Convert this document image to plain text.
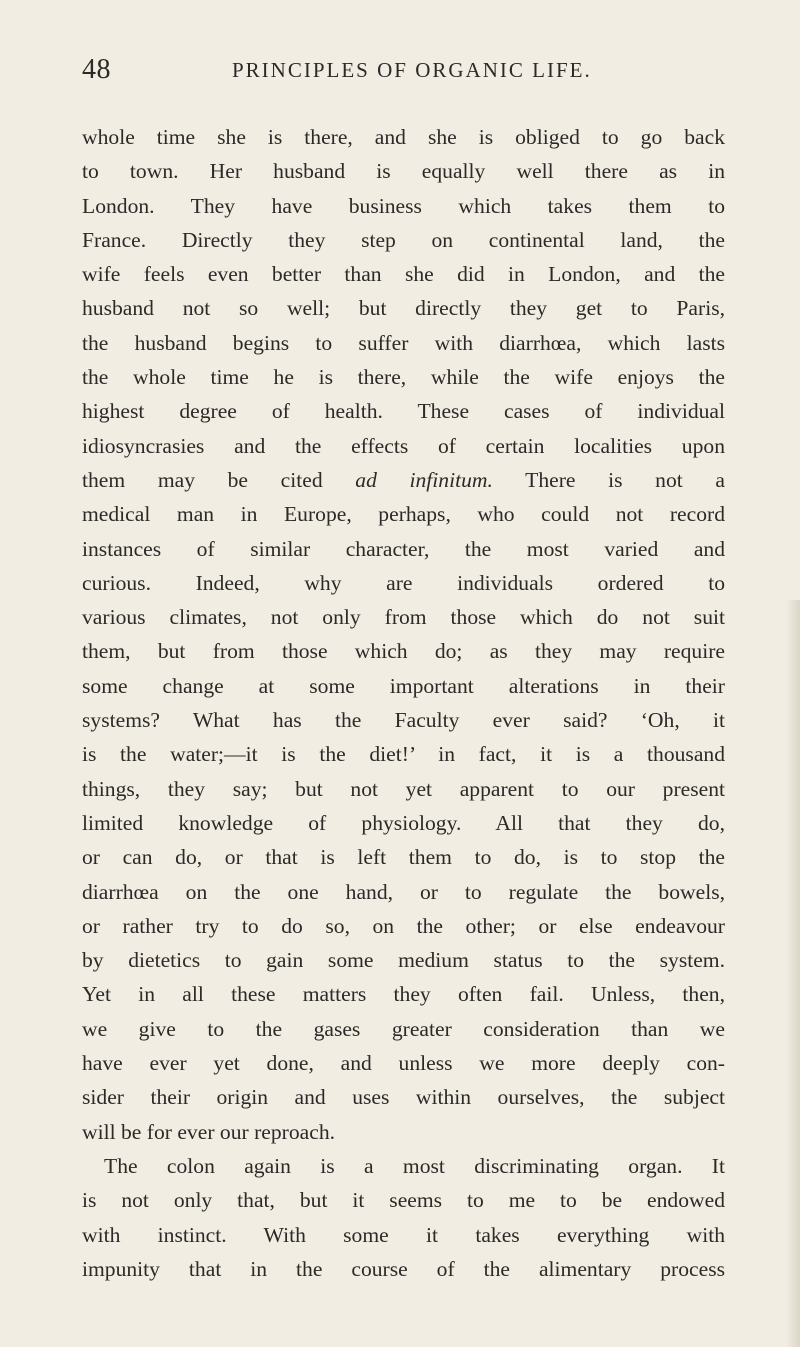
48	PRINCIPLES OF ORGANIC LIFE.
whole time she is there, and she is obliged to go back
to town. Her husband is equally well there as in
London. They have business which takes them to
France. Directly they step on continental land, the
wife feels even better than she did in London, and the
husband not so well; but directly they get to Paris,
the husband begins to suffer with diarrhœa, which lasts
the whole time he is there, while the wife enjoys the
highest degree of health. These cases of individual
idiosyncrasies and the effects of certain localities upon
them may be cited ad infinitum. There is not a
medical man in Europe, perhaps, who could not record
instances of similar character, the most varied and
curious. Indeed, why are individuals ordered to
various climates, not only from those which do not suit
them, but from those which do; as they may require
some change at some important alterations in their
systems? What has the Faculty ever said? ‘Oh, it
is the water;—it is the diet!’ in fact, it is a thousand
things, they say; but not yet apparent to our present
limited knowledge of physiology. All that they do,
or can do, or that is left them to do, is to stop the
diarrhœa on the one hand, or to regulate the bowels,
or rather try to do so, on the other; or else endeavour
by dietetics to gain some medium status to the system.
Yet in all these matters they often fail. Unless, then,
we give to the gases greater consideration than we
have ever yet done, and unless we more deeply con-
sider their origin and uses within ourselves, the subject
will be for ever our reproach.
The colon again is a most discriminating organ. It
is not only that, but it seems to me to be endowed
with instinct. With some it takes everything with
impunity that in the course of the alimentary process
